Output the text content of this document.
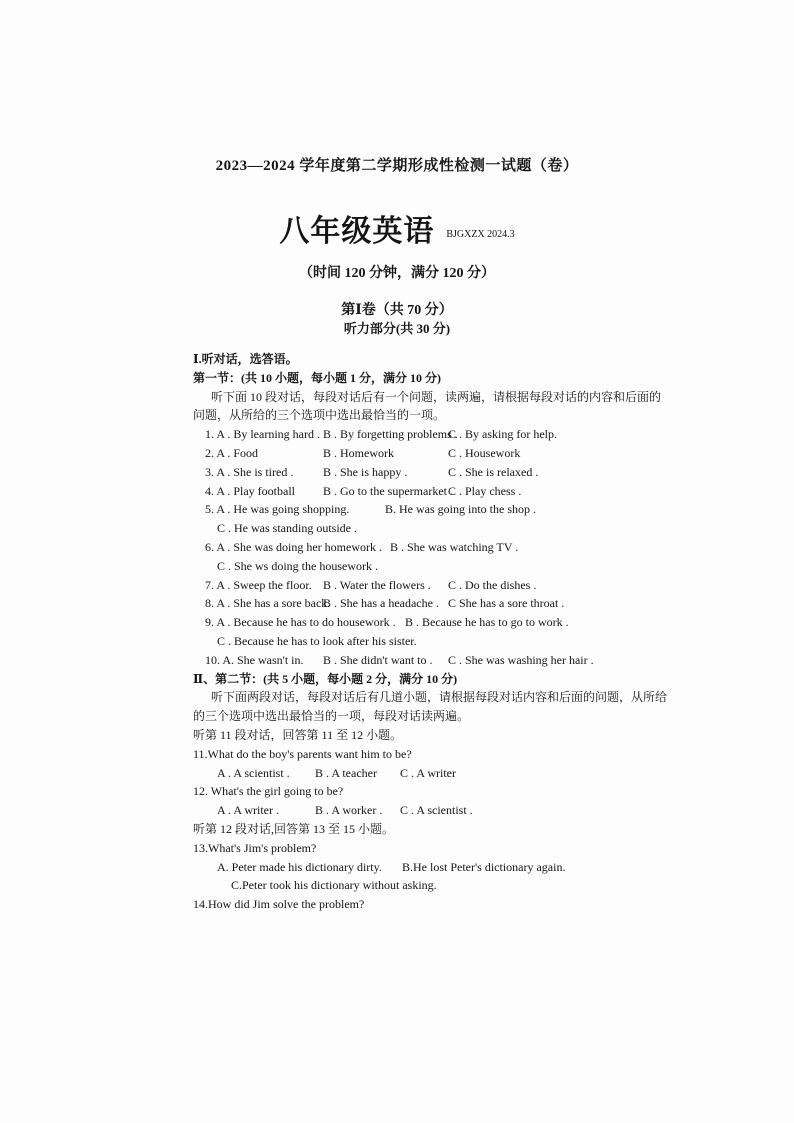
2023—2024 学年度第二学期形成性检测一试题（卷）
八年级英语 $^{BJGXZX 2024.3}$
（时间 120 分钟，满分 120 分）
第Ⅰ卷（共 70 分）
听力部分(共 30 分)
Ⅰ.听对话，选答语。
第一节：(共 10 小题，每小题 1 分，满分 10 分)
听下面 10 段对话，每段对话后有一个问题，读两遍，请根据每段对话的内容和后面的
问题，从所给的三个选项中选出最恰当的一项。
1. A . By learning hard . B . By forgetting problems .C . By asking for help.
2. A . Food	B . Homework	C . Housework
3. A . She is tired . B . She is happy .	C . She is relaxed .
4. A . Play football B . Go to the supermarket .C . Play chess .
5. A . He was going shopping.	B. He was going into the shop .
C . He was standing outside .
6. A . She was doing her homework . B . She was watching TV .
C . She ws doing the housework .
7. A . Sweep the floor. B . Water the flowers . C . Do the dishes .
8. A . She has a sore back.B . She has a headache . C She has a sore throat .
9. A . Because he has to do housework . B . Because he has to go to work .
C . Because he has to look after his sister.
10. A. She wasn't in. B . She didn't want to . C . She was washing her hair .
Ⅱ、第二节：(共 5 小题，每小题 2 分，满分 10 分)
听下面两段对话，每段对话后有几道小题，请根据每段对话内容和后面的问题，从所给
的三个选项中选出最恰当的一项，每段对话读两遍。
听第 11 段对话，回答第 11 至 12 小题。
11.What do the boy's parents want him to be?
A . A scientist . B . A teacher C . A writer
12. What's the girl going to be?
A . A writer .	B . A worker . C . A scientist .
听第 12 段对话,回答第 13 至 15 小题。
13.What's Jim's problem?
A. Peter made his dictionary dirty. B.He lost Peter's dictionary again.
C.Peter took his dictionary without asking.
14.How did Jim solve the problem?
